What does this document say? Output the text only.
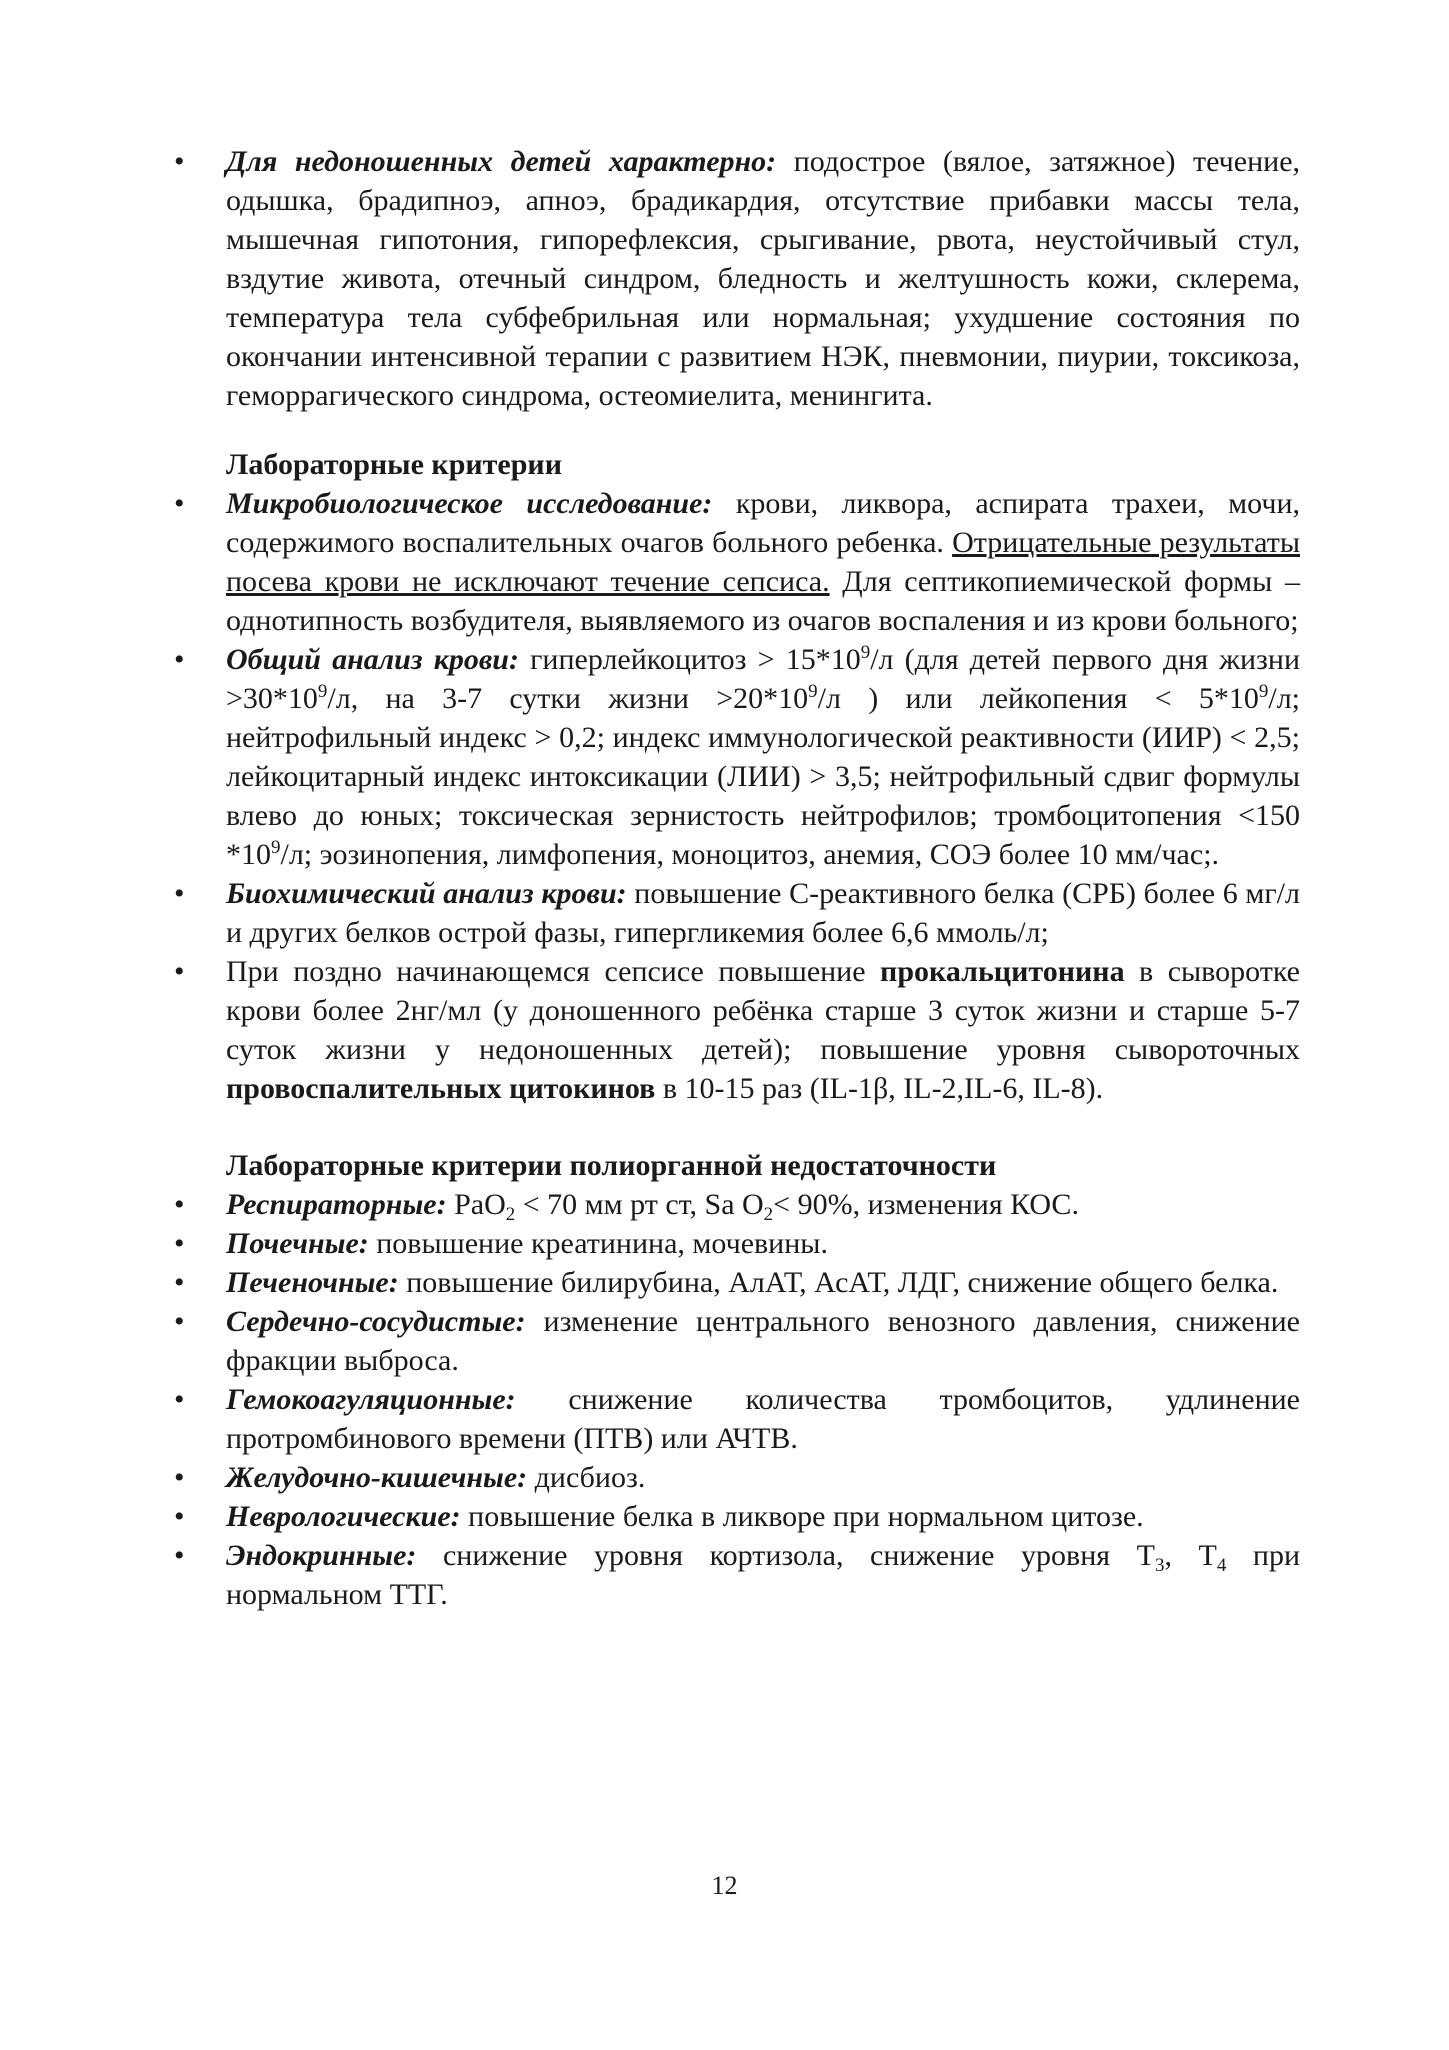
• Для недоношенных детей характерно: подострое (вялое, затяжное) течение, одышка, брадипноэ, апноэ, брадикардия, отсутствие прибавки массы тела, мышечная гипотония, гипорефлексия, срыгивание, рвота, неустойчивый стул, вздутие живота, отечный синдром, бледность и желтушность кожи, склерема, температура тела субфебрильная или нормальная; ухудшение состояния по окончании интенсивной терапии с развитием НЭК, пневмонии, пиурии, токсикоза, геморрагического синдрома, остеомиелита, менингита.
Лабораторные критерии
• Микробиологическое исследование: крови, ликвора, аспирата трахеи, мочи, содержимого воспалительных очагов больного ребенка. Отрицательные результаты посева крови не исключают течение сепсиса. Для септикопиемической формы – однотипность возбудителя, выявляемого из очагов воспаления и из крови больного;
• Общий анализ крови: гиперлейкоцитоз > $15*10^9/л$ (для детей первого дня жизни $>30*10^9/л$, на 3-7 сутки жизни $>20*10^9/л$ ) или лейкопения < $5*10^9/л$; нейтрофильный индекс > 0,2; индекс иммунологической реактивности (ИИР) < 2,5; лейкоцитарный индекс интоксикации (ЛИИ) > 3,5; нейтрофильный сдвиг формулы влево до юных; токсическая зернистость нейтрофилов; тромбоцитопения <150 $*10^9/л$; эозинопения, лимфопения, моноцитоз, анемия, СОЭ более 10 мм/час;.
• Биохимический анализ крови: повышение С-реактивного белка (СРБ) более 6 мг/л и других белков острой фазы, гипергликемия более 6,6 ммоль/л;
• При поздно начинающемся сепсисе повышение прокальцитонина в сыворотке крови более 2нг/мл (у доношенного ребёнка старше 3 суток жизни и старше 5-7 суток жизни у недоношенных детей); повышение уровня сывороточных провоспалительных цитокинов в 10-15 раз (IL-1β, IL-2,IL-6, IL-8).
Лабораторные критерии полиорганной недостаточности
• Респираторные: PaO$_2$ < 70 мм рт ст, Sa $O_2< 90\%$, изменения КОС.
• Почечные: повышение креатинина, мочевины.
• Печеночные: повышение билирубина, АлАТ, АсАТ, ЛДГ, снижение общего белка.
• Сердечно-сосудистые: изменение центрального венозного давления, снижение фракции выброса.
• Гемокоагуляционные: снижение количества тромбоцитов, удлинение протромбинового времени (ПТВ) или АЧТВ.
• Желудочно-кишечные: дисбиоз.
• Неврологические: повышение белка в ликворе при нормальном цитозе.
• Эндокринные: снижение уровня кортизола, снижение уровня $Т_3$, $Т_4$ при нормальном ТТГ.
12
